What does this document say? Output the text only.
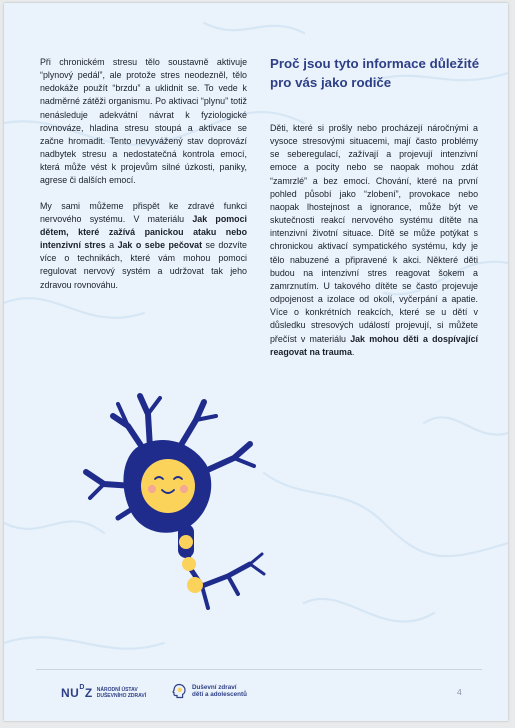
Při chronickém stresu tělo soustavně aktivuje “plynový pedál”, ale protože stres neodezněl, tělo nedokáže použít “brzdu” a uklidnit se. To vede k nadměrné zátěži organismu. Po aktivaci “plynu” totiž nenásleduje adekvátní návrat k fyziologické rovnováze, hladina stresu stoupá a aktivace se začne hromadit. Tento nevyvážený stav doprovází nadbytek stresu a nedostatečná kontrola emocí, která může vést k projevům silné úzkosti, paniky, agrese či dalších emocí.

My sami můžeme přispět ke zdravé funkci nervového systému. V materiálu Jak pomoci dětem, které zažívá panickou ataku nebo intenzivní stres a Jak o sebe pečovat se dozvíte více o technikách, které vám mohou pomoci regulovat nervový systém a udržovat tak jeho zdravou rovnováhu.

Proč jsou tyto informace důležité pro vás jako rodiče

Děti, které si prošly nebo procházejí náročnými a vysoce stresovými situacemi, mají často problémy se seberegulací, zažívají a projevují intenzivní emoce a pocity nebo se naopak mohou zdát “zamrzlé” a bez emocí. Chování, které na první pohled působí jako “zlobení”, provokace nebo naopak lhostejnost a ignorance, může být ve skutečnosti reakcí nervového systému dítěte na intenzivní životní situace. Dítě se může potýkat s chronickou aktivací sympatického systému, kdy je tělo nabuzené a připravené k akci. Některé děti budou na intenzivní stres reagovat šokem a zamrznutím. U takového dítěte se často projevuje odpojenost a izolace od okolí, vyčerpání a apatie. Více o konkrétních reakcích, které se u dětí v důsledku stresových událostí projevují, si můžete přečíst v materiálu Jak mohou děti a dospívající reagovat na trauma.

$NU^DZ$ NÁRODNÍ ÚSTAV
DUŠEVNÍHO ZDRAVÍ
Duševní zdraví
dětí a adolescentů	4
